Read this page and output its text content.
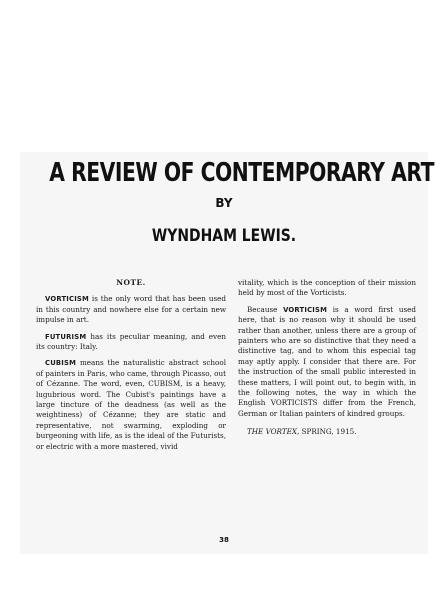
A REVIEW OF CONTEMPORARY ART
BY
WYNDHAM LEWIS.
NOTE.

VORTICISM is the only word that has been used in this country and nowhere else for a certain new impulse in art.

FUTURISM has its peculiar meaning, and even its country: Italy.

CUBISM means the naturalistic abstract school of painters in Paris, who came, through Picasso, out of Cézanne. The word, even, CUBISM, is a heavy, lugubrious word. The Cubist's paintings have a large tincture of the deadness (as well as the weightiness) of Cézanne; they are static and representative, not swarming, exploding or burgeoning with life, as is the ideal of the Futurists, or electric with a more mastered, vivid

vitality, which is the conception of their mission held by most of the Vorticists.

Because VORTICISM is a word first used here, that is no reason why it should be used rather than another, unless there are a group of painters who are so distinctive that they need a distinctive tag, and to whom this especial tag may aptly apply. I consider that there are. For the instruction of the small public interested in these matters, I will point out, to begin with, in the following notes, the way in which the English VORTICISTS differ from the French, German or Italian painters of kindred groups.

THE VORTEX, SPRING, 1915.
38
